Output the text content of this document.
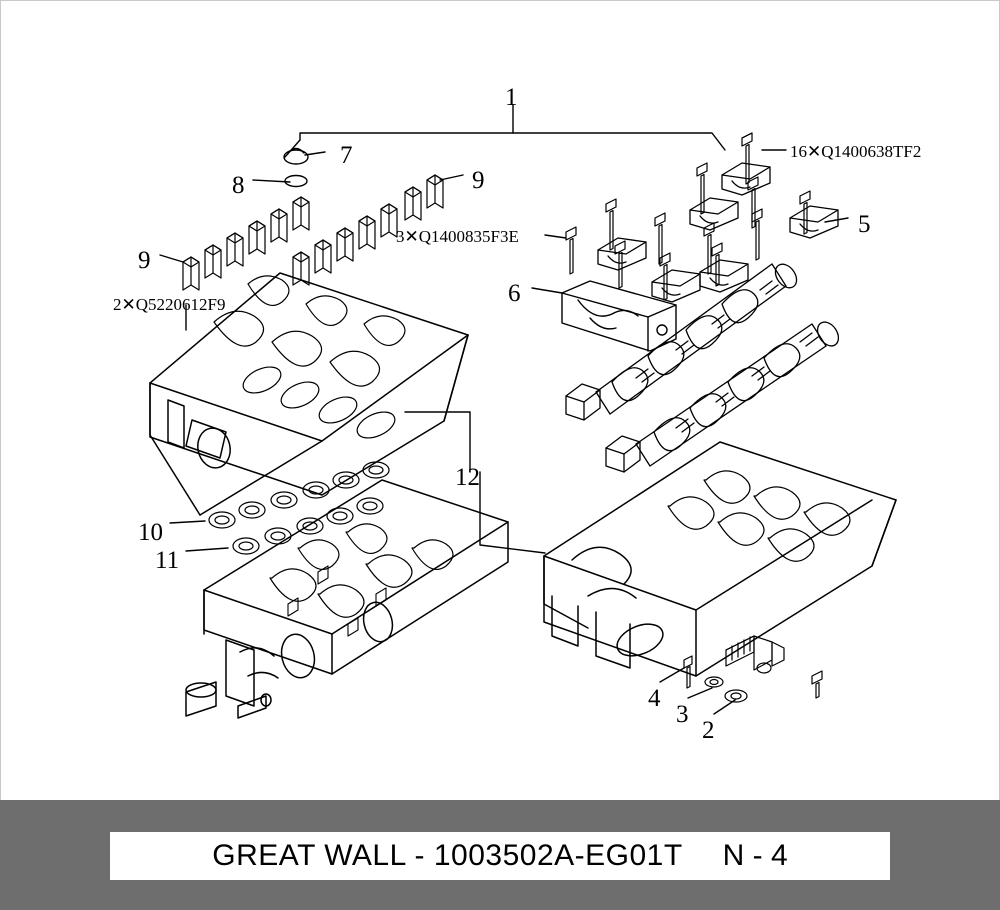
1
7
8	9
9
16✕Q1400638TF2
5
3✕Q1400835F3E
6
2✕Q5220612F9
12
10
11
4
3
2
GREAT WALL - 1003502A-EG01T N - 4
